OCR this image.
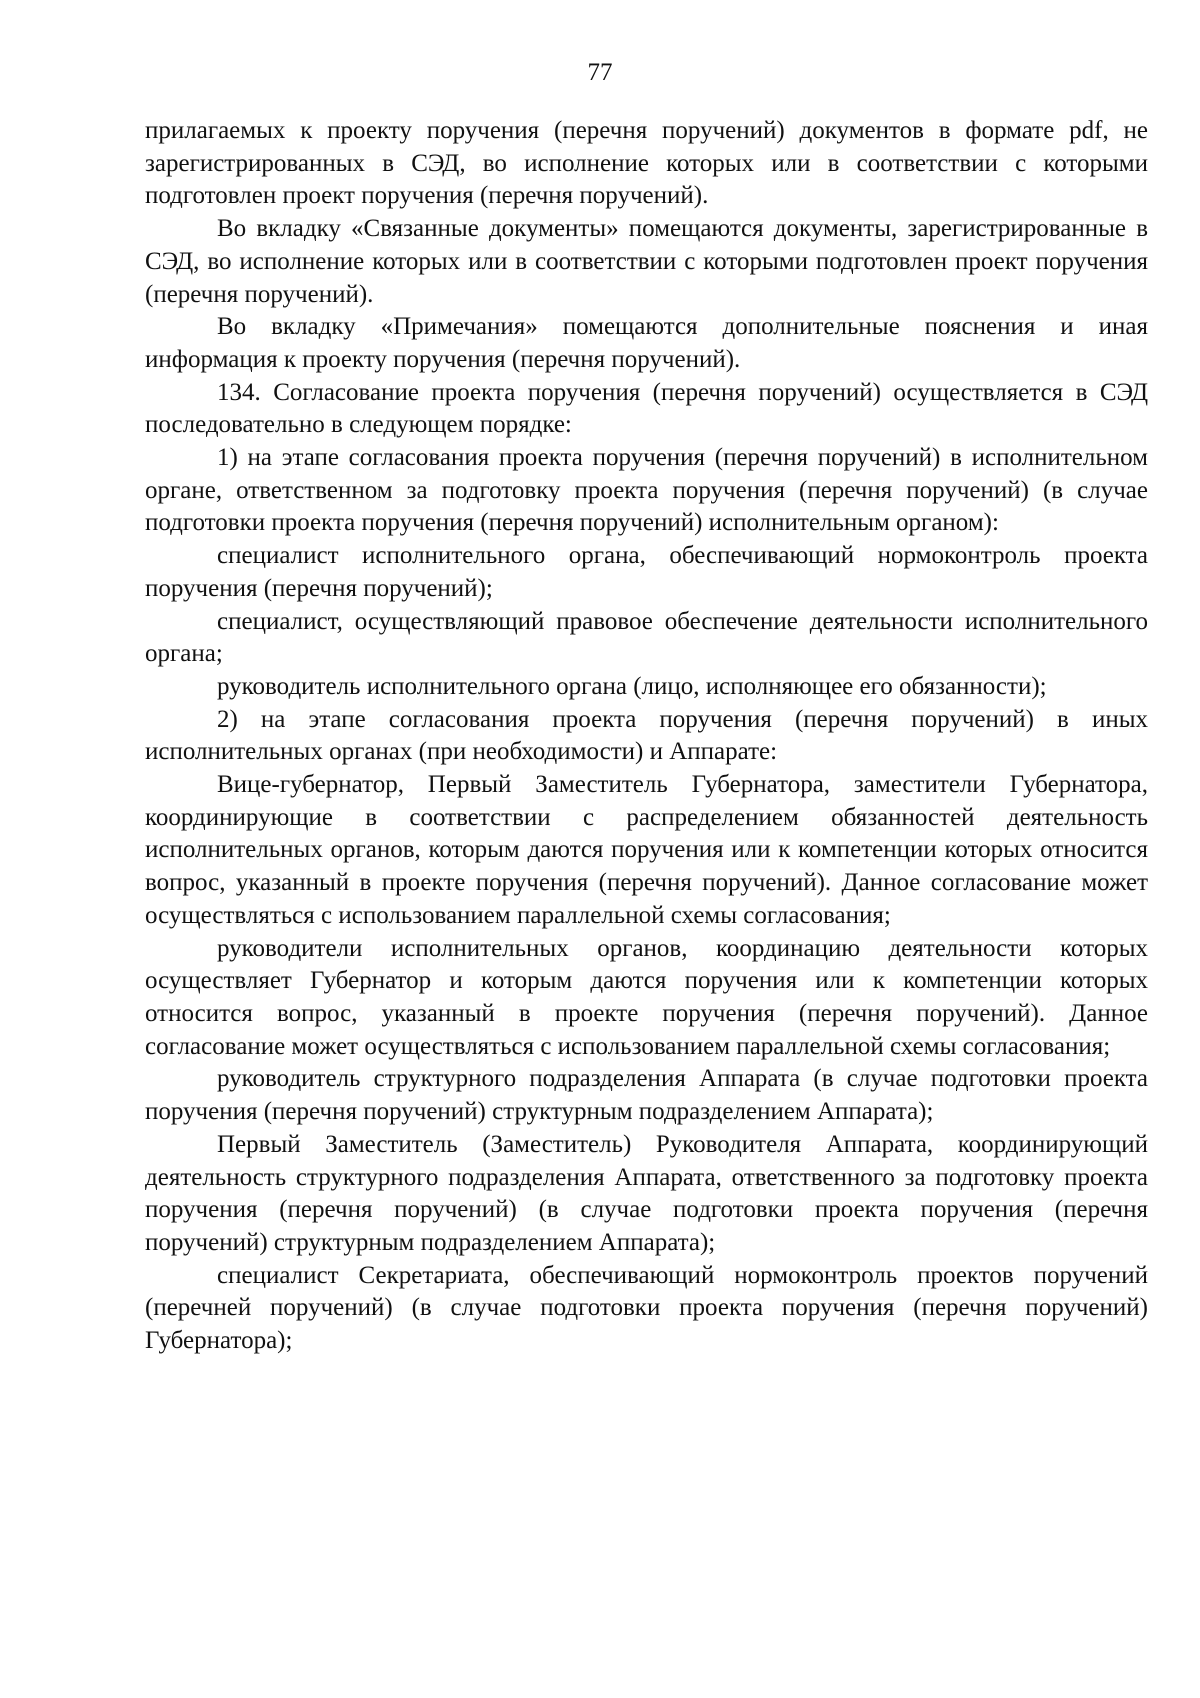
77

прилагаемых к проекту поручения (перечня поручений) документов в формате pdf, не зарегистрированных в СЭД, во исполнение которых или в соответствии с которыми подготовлен проект поручения (перечня поручений).

Во вкладку «Связанные документы» помещаются документы, зарегистрированные в СЭД, во исполнение которых или в соответствии с которыми подготовлен проект поручения (перечня поручений).

Во вкладку «Примечания» помещаются дополнительные пояснения и иная информация к проекту поручения (перечня поручений).

134. Согласование проекта поручения (перечня поручений) осуществляется в СЭД последовательно в следующем порядке:

1) на этапе согласования проекта поручения (перечня поручений) в исполнительном органе, ответственном за подготовку проекта поручения (перечня поручений) (в случае подготовки проекта поручения (перечня поручений) исполнительным органом):

специалист исполнительного органа, обеспечивающий нормоконтроль проекта поручения (перечня поручений);

специалист, осуществляющий правовое обеспечение деятельности исполнительного органа;

руководитель исполнительного органа (лицо, исполняющее его обязанности);

2) на этапе согласования проекта поручения (перечня поручений) в иных исполнительных органах (при необходимости) и Аппарате:

Вице-губернатор, Первый Заместитель Губернатора, заместители Губернатора, координирующие в соответствии с распределением обязанностей деятельность исполнительных органов, которым даются поручения или к компетенции которых относится вопрос, указанный в проекте поручения (перечня поручений). Данное согласование может осуществляться с использованием параллельной схемы согласования;

руководители исполнительных органов, координацию деятельности которых осуществляет Губернатор и которым даются поручения или к компетенции которых относится вопрос, указанный в проекте поручения (перечня поручений). Данное согласование может осуществляться с использованием параллельной схемы согласования;

руководитель структурного подразделения Аппарата (в случае подготовки проекта поручения (перечня поручений) структурным подразделением Аппарата);

Первый Заместитель (Заместитель) Руководителя Аппарата, координирующий деятельность структурного подразделения Аппарата, ответственного за подготовку проекта поручения (перечня поручений) (в случае подготовки проекта поручения (перечня поручений) структурным подразделением Аппарата);

специалист Секретариата, обеспечивающий нормоконтроль проектов поручений (перечней поручений) (в случае подготовки проекта поручения (перечня поручений) Губернатора);
